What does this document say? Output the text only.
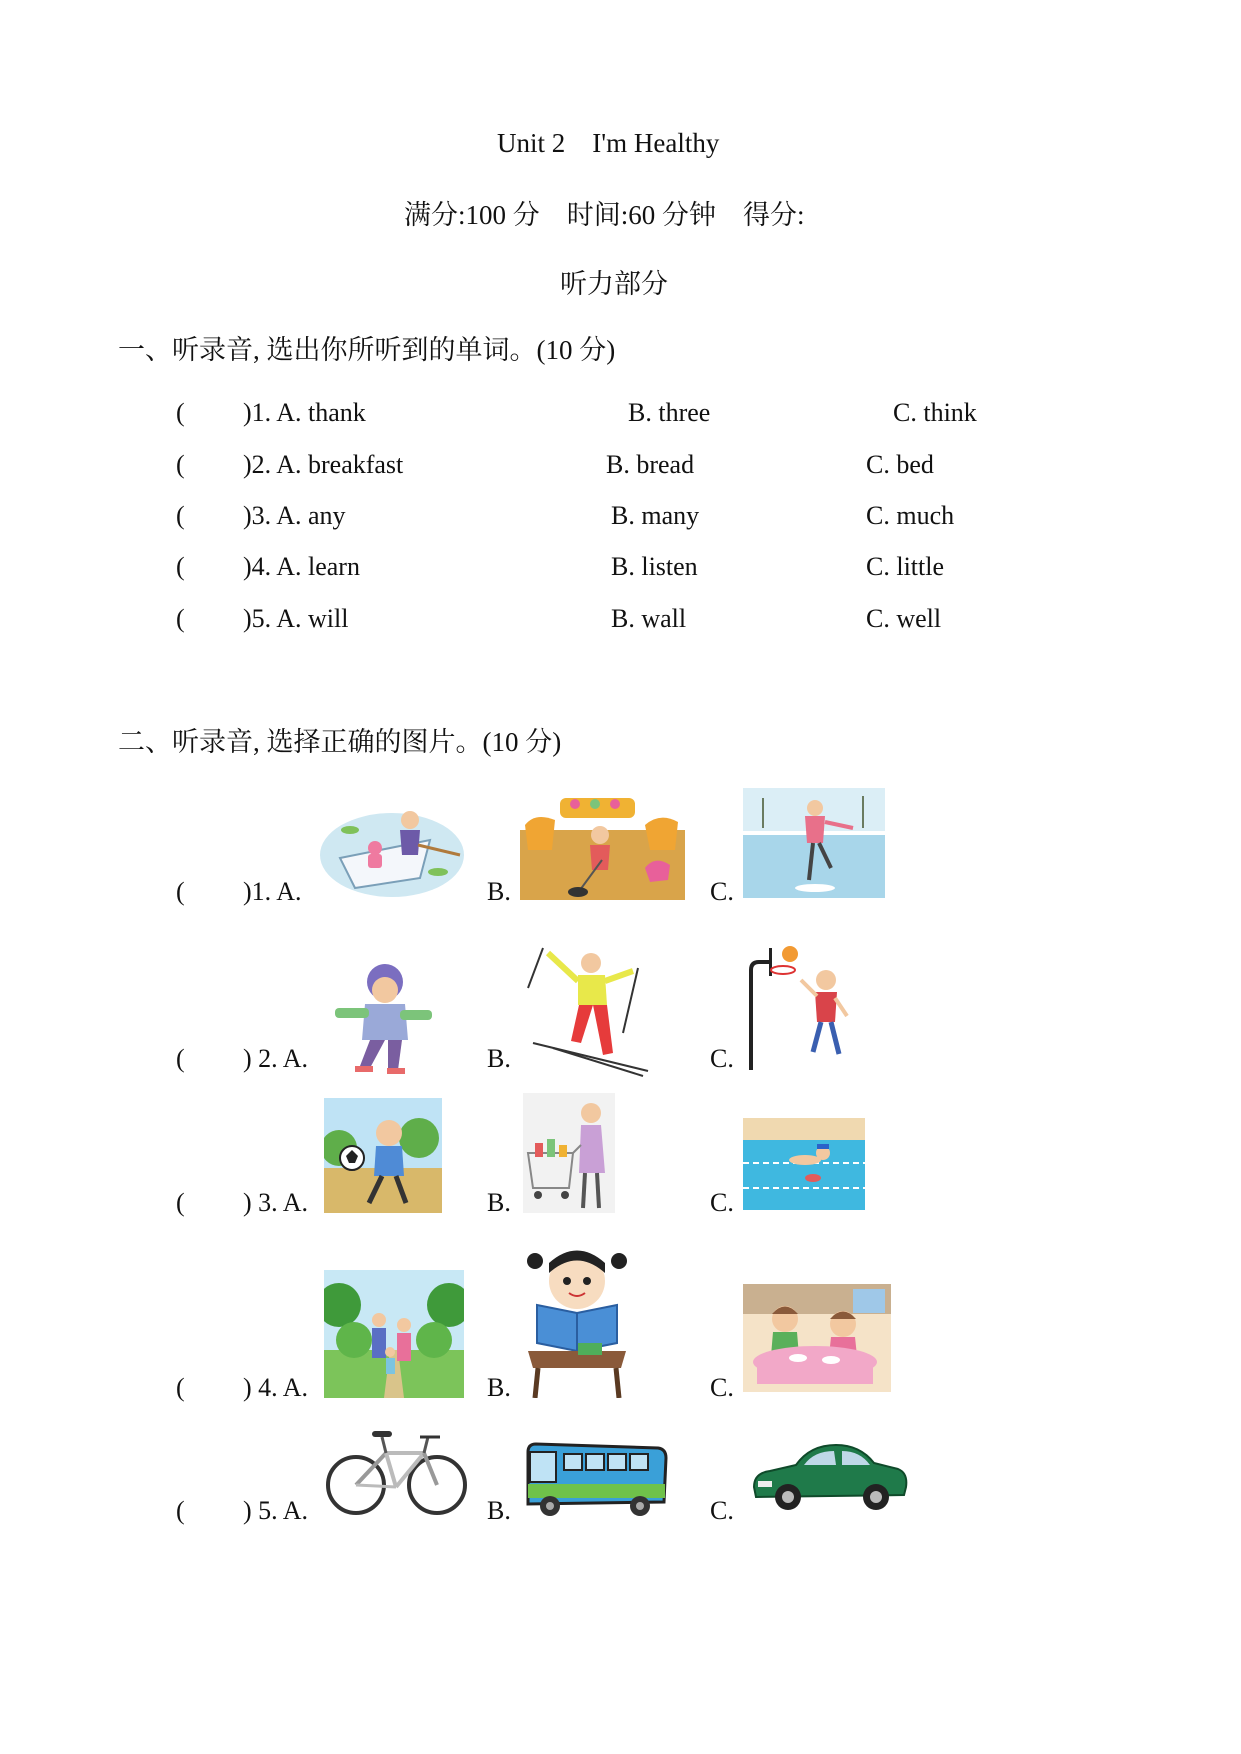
Unit 2    I'm Healthy
满分:100 分    时间:60 分钟    得分:
听力部分
一、听录音, 选出你所听到的单词。(10 分)
( )1. A. thank	B. three	C. think
( )2. A. breakfast	B. bread	C. bed
( )3. A. any	B. many	C. much
( )4. A. learn	B. listen	C. little
( )5. A. will	B. wall	C. well
二、听录音, 选择正确的图片。(10 分)
( )1. A.	B.	C.
( ) 2. A.	B.	C.
( ) 3. A.	B.	C.
( ) 4. A.	B.	C.
( ) 5. A.	B.	C.
